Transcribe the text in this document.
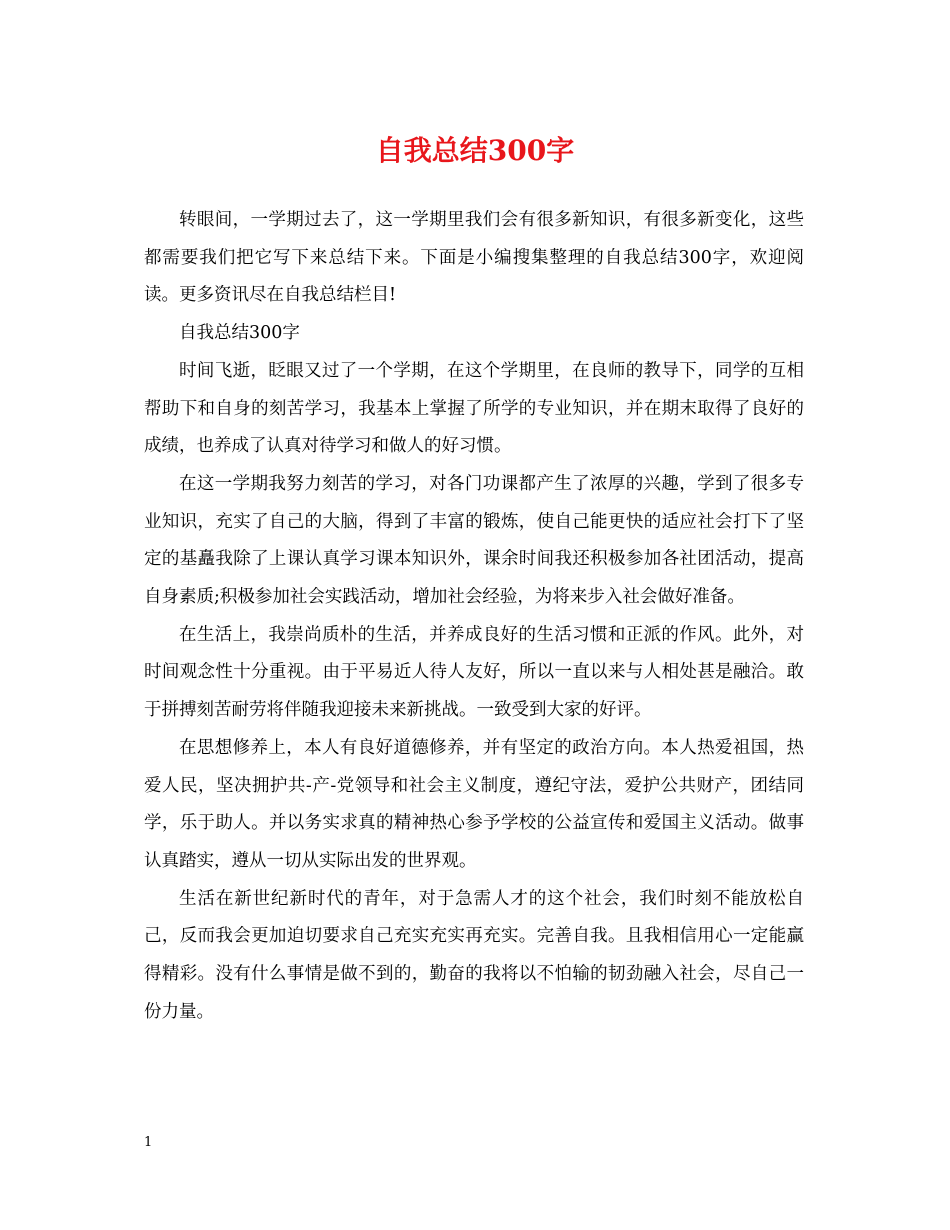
自我总结300字

转眼间，一学期过去了，这一学期里我们会有很多新知识，有很多新变化，这些都需要我们把它写下来总结下来。下面是小编搜集整理的自我总结300字，欢迎阅读。更多资讯尽在自我总结栏目!

自我总结300字

时间飞逝，眨眼又过了一个学期，在这个学期里，在良师的教导下，同学的互相帮助下和自身的刻苦学习，我基本上掌握了所学的专业知识，并在期末取得了良好的成绩，也养成了认真对待学习和做人的好习惯。

在这一学期我努力刻苦的学习，对各门功课都产生了浓厚的兴趣，学到了很多专业知识，充实了自己的大脑，得到了丰富的锻炼，使自己能更快的适应社会打下了坚定的基矗我除了上课认真学习课本知识外，课余时间我还积极参加各社团活动，提高自身素质;积极参加社会实践活动，增加社会经验，为将来步入社会做好准备。

在生活上，我崇尚质朴的生活，并养成良好的生活习惯和正派的作风。此外，对时间观念性十分重视。由于平易近人待人友好，所以一直以来与人相处甚是融洽。敢于拼搏刻苦耐劳将伴随我迎接未来新挑战。一致受到大家的好评。

在思想修养上，本人有良好道德修养，并有坚定的政治方向。本人热爱祖国，热爱人民，坚决拥护共-产-党领导和社会主义制度，遵纪守法，爱护公共财产，团结同学，乐于助人。并以务实求真的精神热心参予学校的公益宣传和爱国主义活动。做事认真踏实，遵从一切从实际出发的世界观。

生活在新世纪新时代的青年，对于急需人才的这个社会，我们时刻不能放松自己，反而我会更加迫切要求自己充实充实再充实。完善自我。且我相信用心一定能赢得精彩。没有什么事情是做不到的，勤奋的我将以不怕输的韧劲融入社会，尽自己一份力量。

1
